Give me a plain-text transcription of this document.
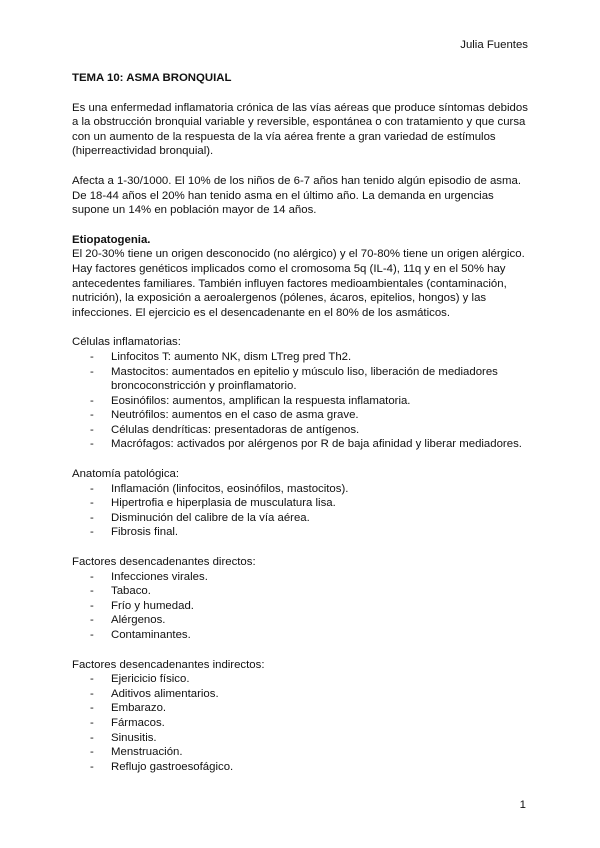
Julia Fuentes
TEMA 10: ASMA BRONQUIAL

Es una enfermedad inflamatoria crónica de las vías aéreas que produce síntomas debidos a la obstrucción bronquial variable y reversible, espontánea o con tratamiento y que cursa con un aumento de la respuesta de la vía aérea frente a gran variedad de estímulos (hiperreactividad bronquial).

Afecta a 1-30/1000. El 10% de los niños de 6-7 años han tenido algún episodio de asma. De 18-44 años el 20% han tenido asma en el último año. La demanda en urgencias supone un 14% en población mayor de 14 años.

Etiopatogenia.

El 20-30% tiene un origen desconocido (no alérgico) y el 70-80% tiene un origen alérgico. Hay factores genéticos implicados como el cromosoma 5q (IL-4), 11q y en el 50% hay antecedentes familiares. También influyen factores medioambientales (contaminación, nutrición), la exposición a aeroalergenos (pólenes, ácaros, epitelios, hongos) y las infecciones. El ejercicio es el desencadenante en el 80% de los asmáticos.

Células inflamatorias:
- Linfocitos T: aumento NK, dism LTreg pred Th2.
- Mastocitos: aumentados en epitelio y músculo liso, liberación de mediadores broncoconstricción y proinflamatorio.
- Eosinófilos: aumentos, amplifican la respuesta inflamatoria.
- Neutrófilos: aumentos en el caso de asma grave.
- Células dendríticas: presentadoras de antígenos.
- Macrófagos: activados por alérgenos por R de baja afinidad y liberar mediadores.
Anatomía patológica:
- Inflamación (linfocitos, eosinófilos, mastocitos).
- Hipertrofia e hiperplasia de musculatura lisa.
- Disminución del calibre de la vía aérea.
- Fibrosis final.
Factores desencadenantes directos:
- Infecciones virales.
- Tabaco.
- Frío y humedad.
- Alérgenos.
- Contaminantes.
Factores desencadenantes indirectos:
- Ejericicio físico.
- Aditivos alimentarios.
- Embarazo.
- Fármacos.
- Sinusitis.
- Menstruación.
- Reflujo gastroesofágico.
1
